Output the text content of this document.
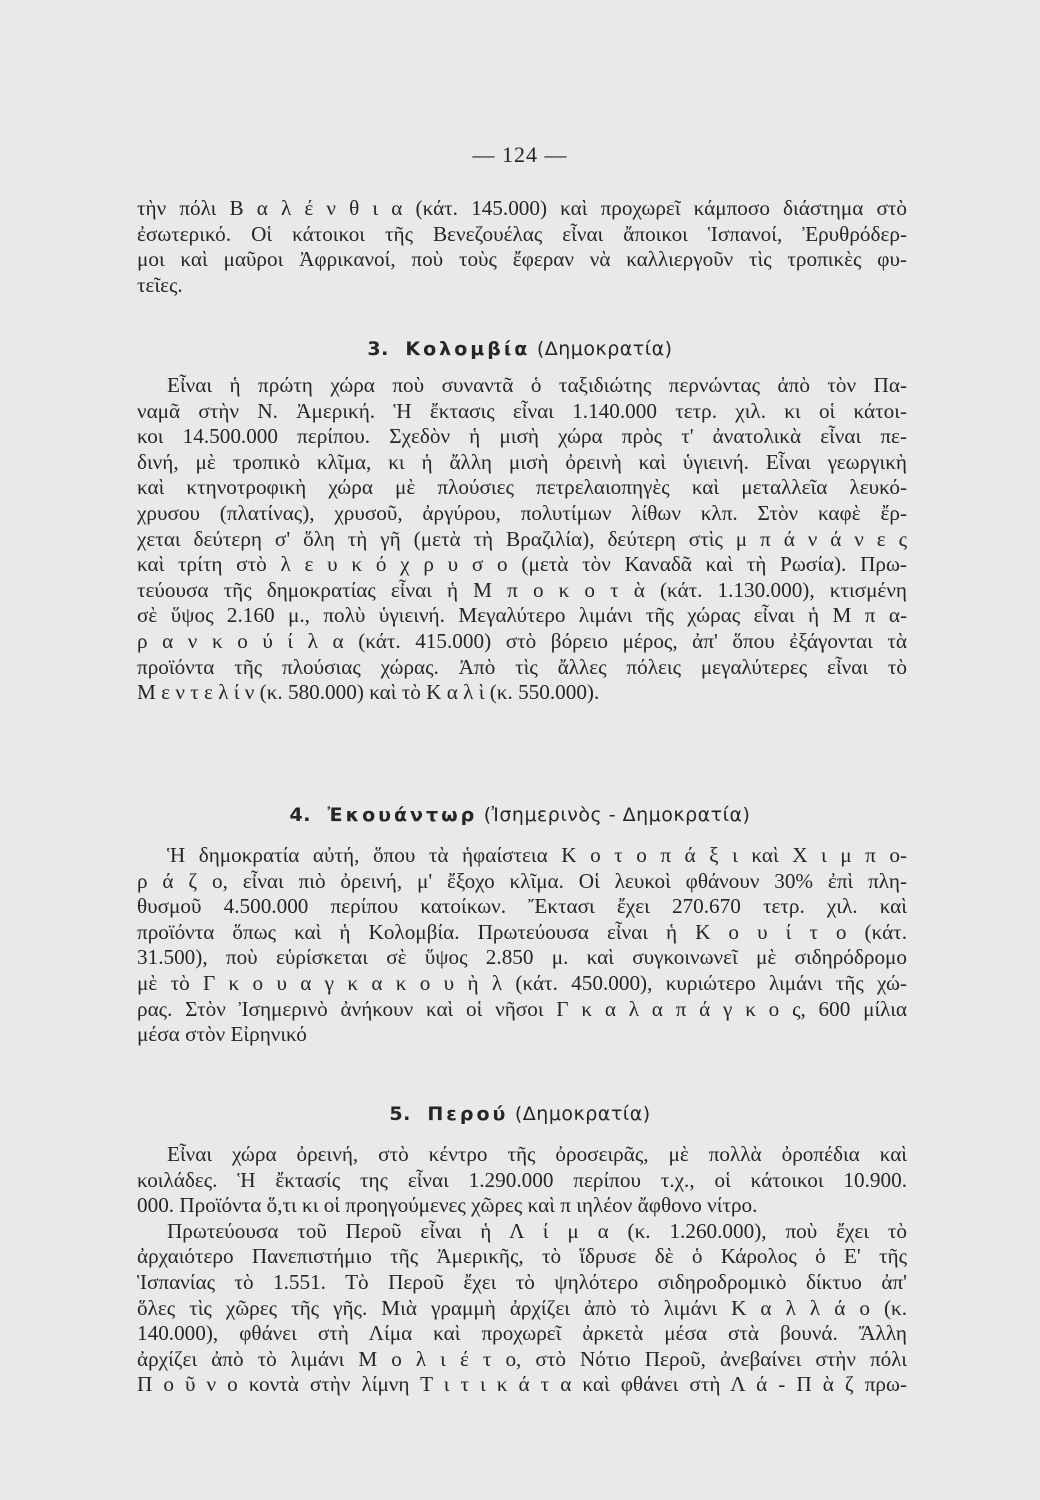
— 124 —
τὴν πόλι Β α λ έ ν θ ι α (κάτ. 145.000) καὶ προχωρεῖ κάμποσο διάστημα στὸ
ἐσωτερικό. Οἱ κάτοικοι τῆς Βενεζουέλας εἶναι ἄποικοι Ἱσπανοί, Ἐρυθρόδερ-
μοι καὶ μαῦροι Ἀφρικανοί, ποὺ τοὺς ἔφεραν νὰ καλλιεργοῦν τὶς τροπικὲς φυ-
τεῖες.
3. Κολομβία (Δημοκρατία)
Εἶναι ἡ πρώτη χώρα ποὺ συναντᾶ ὁ ταξιδιώτης περνώντας ἀπὸ τὸν Πα-
ναμᾶ στὴν Ν. Ἀμερική. Ἡ ἔκτασις εἶναι 1.140.000 τετρ. χιλ. κι οἱ κάτοι-
κοι 14.500.000 περίπου. Σχεδὸν ἡ μισὴ χώρα πρὸς τ' ἀνατολικὰ εἶναι πε-
δινή, μὲ τροπικὸ κλῖμα, κι ἡ ἄλλη μισὴ ὀρεινὴ καὶ ὑγιεινή. Εἶναι γεωργικὴ
καὶ κτηνοτροφικὴ χώρα μὲ πλούσιες πετρελαιοπηγὲς καὶ μεταλλεῖα λευκό-
χρυσου (πλατίνας), χρυσοῦ, ἀργύρου, πολυτίμων λίθων κλπ. Στὸν καφὲ ἔρ-
χεται δεύτερη σ' ὅλη τὴ γῆ (μετὰ τὴ Βραζιλία), δεύτερη στὶς μ π ά ν ά ν ε ς
καὶ τρίτη στὸ λ ε υ κ ό χ ρ υ σ ο (μετὰ τὸν Καναδᾶ καὶ τὴ Ρωσία). Πρω-
τεύουσα τῆς δημοκρατίας εἶναι ἡ Μ π ο κ ο τ ὰ (κάτ. 1.130.000), κτισμένη
σὲ ὕψος 2.160 μ., πολὺ ὑγιεινή. Μεγαλύτερο λιμάνι τῆς χώρας εἶναι ἡ Μ π α-
ρ α ν κ ο ύ ί λ α (κάτ. 415.000) στὸ βόρειο μέρος, ἀπ' ὅπου ἐξάγονται τὰ
προϊόντα τῆς πλούσιας χώρας. Ἀπὸ τὶς ἄλλες πόλεις μεγαλύτερες εἶναι τὸ
Μ ε ν τ ε λ ί ν (κ. 580.000) καὶ τὸ Κ α λ ὶ (κ. 550.000).
4. Ἐκουάντωρ (Ἰσημερινὸς - Δημοκρατία)
Ἡ δημοκρατία αὐτή, ὅπου τὰ ἡφαίστεια Κ ο τ ο π ά ξ ι καὶ Χ ι μ π ο-
ρ ά ζ ο, εἶναι πιὸ ὀρεινή, μ' ἔξοχο κλῖμα. Οἱ λευκοὶ φθάνουν 30% ἐπὶ πλη-
θυσμοῦ 4.500.000 περίπου κατοίκων. Ἔκτασι ἔχει 270.670 τετρ. χιλ. καὶ
προϊόντα ὅπως καὶ ἡ Κολομβία. Πρωτεύουσα εἶναι ἡ Κ ο υ ί τ ο (κάτ.
31.500), ποὺ εὑρίσκεται σὲ ὕψος 2.850 μ. καὶ συγκοινωνεῖ μὲ σιδηρόδρομο
μὲ τὸ Γ κ ο υ α γ κ α κ ο υ ὴ λ (κάτ. 450.000), κυριώτερο λιμάνι τῆς χώ-
ρας. Στὸν Ἰσημερινὸ ἀνήκουν καὶ οἱ νῆσοι Γ κ α λ α π ά γ κ ο ς, 600 μίλια
μέσα στὸν Εἰρηνικό
5. Περού (Δημοκρατία)
Εἶναι χώρα ὀρεινή, στὸ κέντρο τῆς ὀροσειρᾶς, μὲ πολλὰ ὀροπέδια καὶ
κοιλάδες. Ἡ ἔκτασίς της εἶναι 1.290.000 περίπου τ.χ., οἱ κάτοικοι 10.900.
000. Προϊόντα ὅ,τι κι οἱ προηγούμενες χῶρες καὶ π ιηλέον ἄφθονο νίτρο.
Πρωτεύουσα τοῦ Περοῦ εἶναι ἡ Λ ί μ α (κ. 1.260.000), ποὺ ἔχει τὸ
ἀρχαιότερο Πανεπιστήμιο τῆς Ἀμερικῆς, τὸ ἵδρυσε δὲ ὁ Κάρολος ὁ Ε' τῆς
Ἱσπανίας τὸ 1.551. Τὸ Περοῦ ἔχει τὸ ψηλότερο σιδηροδρομικὸ δίκτυο ἀπ'
ὅλες τὶς χῶρες τῆς γῆς. Μιὰ γραμμὴ ἀρχίζει ἀπὸ τὸ λιμάνι Κ α λ λ ά ο (κ.
140.000), φθάνει στὴ Λίμα καὶ προχωρεῖ ἀρκετὰ μέσα στὰ βουνά. Ἄλλη
ἀρχίζει ἀπὸ τὸ λιμάνι Μ ο λ ι έ τ ο, στὸ Νότιο Περοῦ, ἀνεβαίνει στὴν πόλι
Π ο ῦ ν ο κοντὰ στὴν λίμνη Τ ι τ ι κ ά τ α καὶ φθάνει στὴ Λ ά - Π ὰ ζ πρω-
